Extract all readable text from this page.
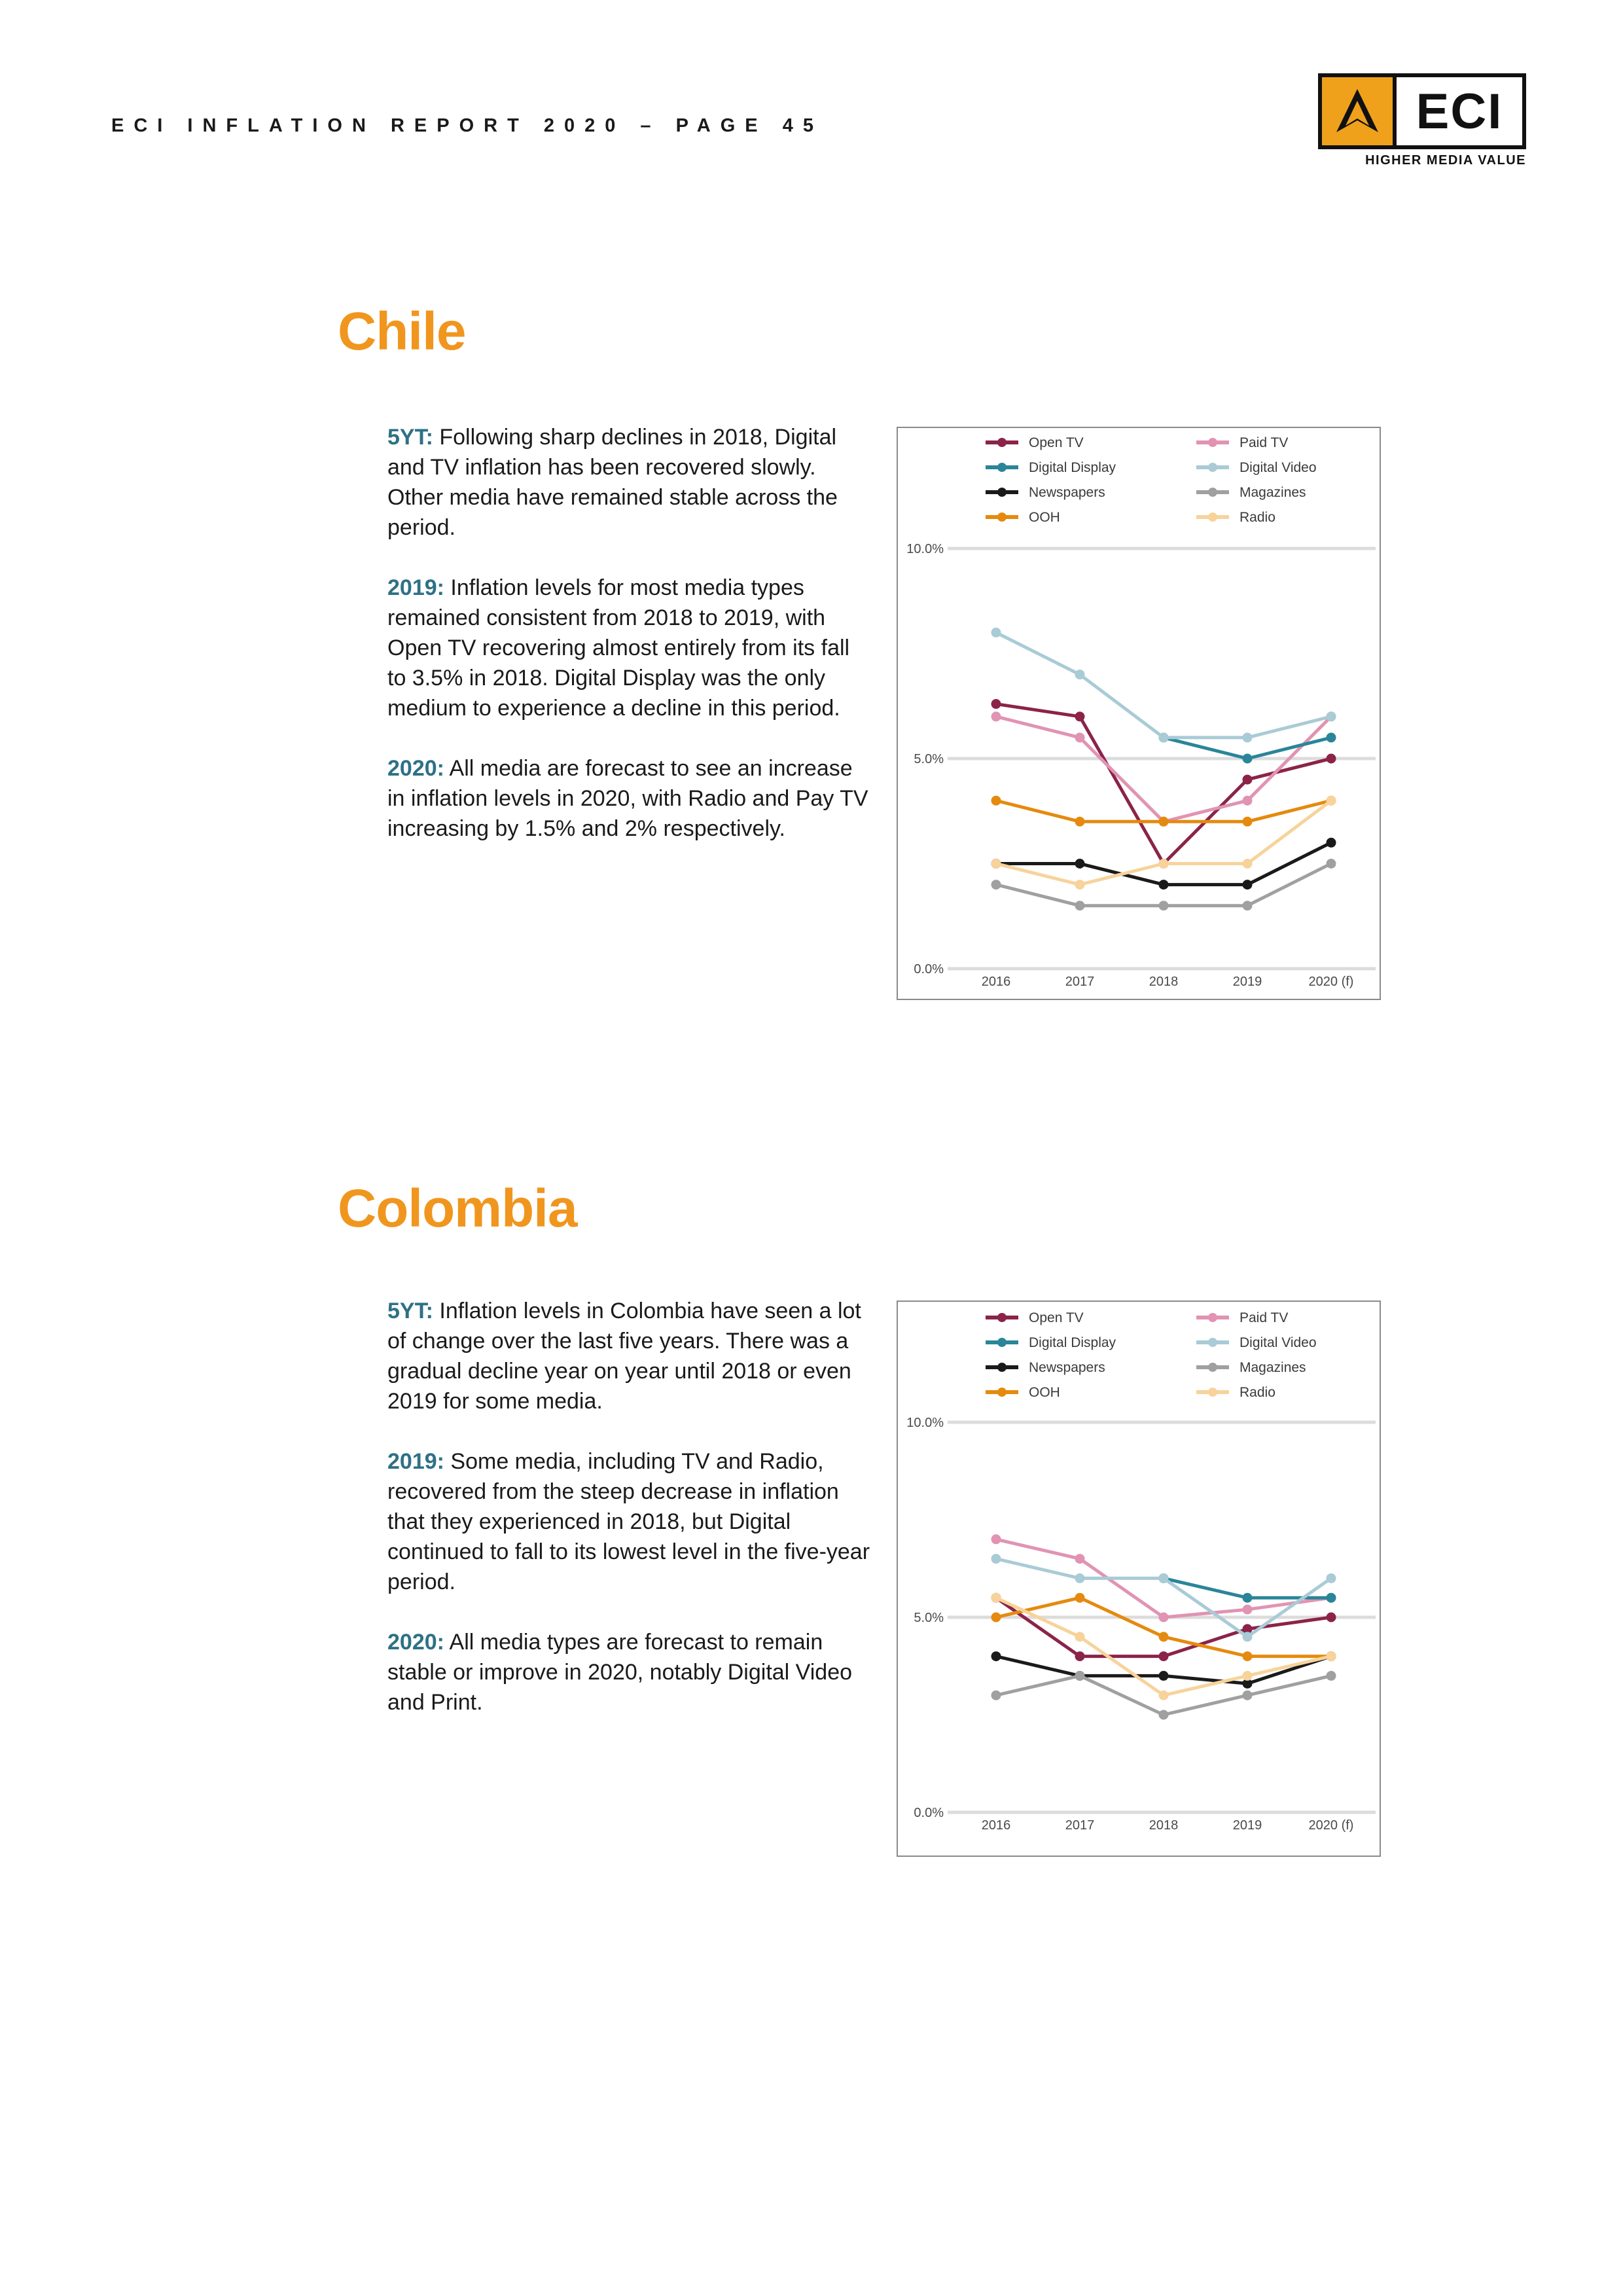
ECI INFLATION REPORT 2020 – PAGE 45	ECI
HIGHER MEDIA VALUE
Chile

5YT: Following sharp declines in 2018, Digital and TV inflation has been recovered slowly. Other media have remained stable across the period.

2019: Inflation levels for most media types remained consistent from 2018 to 2019, with Open TV recovering almost entirely from its fall to 3.5% in 2018. Digital Display was the only medium to experience a decline in this period.

2020: All media are forecast to see an increase in inflation levels in 2020, with Radio and Pay TV increasing by 1.5% and 2% respectively.

0.0%
5.0%
10.0%
2016	2017	2018	2019	2020 (f)
Open TV	Paid TV
Digital Display	Digital Video
Newspapers	Magazines
OOH	Radio
Colombia

5YT: Inflation levels in Colombia have seen a lot of change over the last five years. There was a gradual decline year on year until 2018 or even 2019 for some media.

2019: Some media, including TV and Radio, recovered from the steep decrease in inflation that they experienced in 2018, but Digital continued to fall to its lowest level in the five-year period.

2020: All media types are forecast to remain stable or improve in 2020, notably Digital Video and Print.

0.0%
5.0%
10.0%
2016	2017	2018	2019	2020 (f)
Open TV	Paid TV
Digital Display	Digital Video
Newspapers	Magazines
OOH	Radio
